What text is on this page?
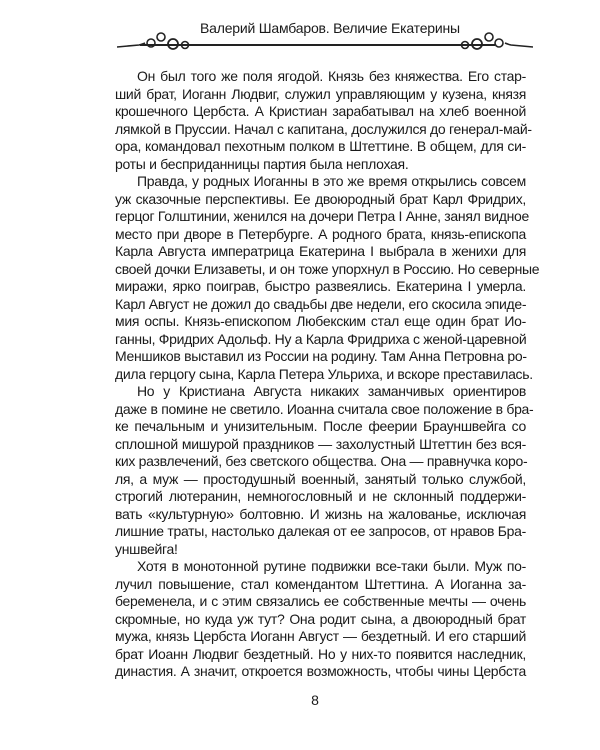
Валерий Шамбаров. Величие Екатерины
Он был того же поля ягодой. Князь без княжества. Его стар-
ший брат, Иоганн Людвиг, служил управляющим у кузена, князя
крошечного Цербста. А Кристиан зарабатывал на хлеб военной
лямкой в Пруссии. Начал с капитана, дослужился до генерал-май-
ора, командовал пехотным полком в Штеттине. В общем, для си-
роты и бесприданницы партия была неплохая.
Правда, у родных Иоганны в это же время открылись совсем
уж сказочные перспективы. Ее двоюродный брат Карл Фридрих,
герцог Голштинии, женился на дочери Петра I Анне, занял видное
место при дворе в Петербурге. А родного брата, князь-епископа
Карла Августа императрица Екатерина I выбрала в женихи для
своей дочки Елизаветы, и он тоже упорхнул в Россию. Но северные
миражи, ярко поиграв, быстро развеялись. Екатерина I умерла.
Карл Август не дожил до свадьбы две недели, его скосила эпиде-
мия оспы. Князь-епископом Любекским стал еще один брат Ио-
ганны, Фридрих Адольф. Ну а Карла Фридриха с женой-царевной
Меншиков выставил из России на родину. Там Анна Петровна ро-
дила герцогу сына, Карла Петера Ульриха, и вскоре преставилась.
Но у Кристиана Августа никаких заманчивых ориентиров
даже в помине не светило. Иоанна считала свое положение в бра-
ке печальным и унизительным. После феерии Брауншвейга со
сплошной мишурой праздников — захолустный Штеттин без вся-
ких развлечений, без светского общества. Она — правнучка коро-
ля, а муж — простодушный военный, занятый только службой,
строгий лютеранин, немногословный и не склонный поддержи-
вать «культурную» болтовню. И жизнь на жалованье, исключая
лишние траты, настолько далекая от ее запросов, от нравов Бра-
уншвейга!
Хотя в монотонной рутине подвижки все-таки были. Муж по-
лучил повышение, стал комендантом Штеттина. А Иоганна за-
беременела, и с этим связались ее собственные мечты — очень
скромные, но куда уж тут? Она родит сына, а двоюродный брат
мужа, князь Цербста Иоганн Август — бездетный. И его старший
брат Иоанн Людвиг бездетный. Но у них-то появится наследник,
династия. А значит, откроется возможность, чтобы чины Цербста
8
